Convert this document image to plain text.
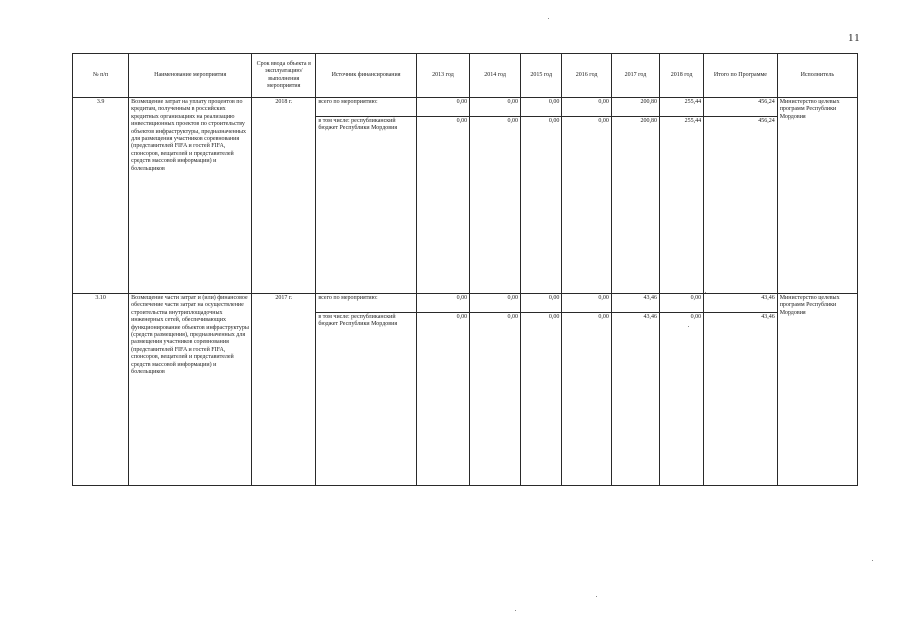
11
№ п/п	Наименование мероприятия	Срок ввода объекта в эксплуатацию/ выполнения мероприятия	Источник финансирования	2013 год	2014 год	2015 год	2016 год	2017 год	2018 год	Итого по Программе	Исполнитель
3.9	Возмещение затрат на уплату процентов по кредитам, полученным в российских кредитных организациях на реализацию инвестиционных проектов по строительству объектов инфраструктуры, предназначенных для размещения участников соревнования (представителей FIFA и гостей FIFA, спонсоров, вещателей и представителей средств массовой информации) и болельщиков	2018 г.	всего по мероприятию:	0,00	0,00	0,00	0,00	200,80	255,44	456,24	Министерство целевых программ Республики Мордовия
			в том числе: республиканский бюджет Республики Мордовия	0,00	0,00	0,00	0,00	200,80	255,44	456,24	
3.10	Возмещение части затрат и (или) финансовое обеспечение части затрат на осуществление строительства внутриплощадочных инженерных сетей, обеспечивающих функционирование объектов инфраструктуры (средств размещения), предназначенных для размещения участников соревнования (представителей FIFA и гостей FIFA, спонсоров, вещателей и представителей средств массовой информации) и болельщиков	2017 г.	всего по мероприятию:	0,00	0,00	0,00	0,00	43,46	0,00	43,46	Министерство целевых программ Республики Мордовия
			в том числе: республиканский бюджет Республики Мордовия	0,00	0,00	0,00	0,00	43,46	0,00	43,46	
